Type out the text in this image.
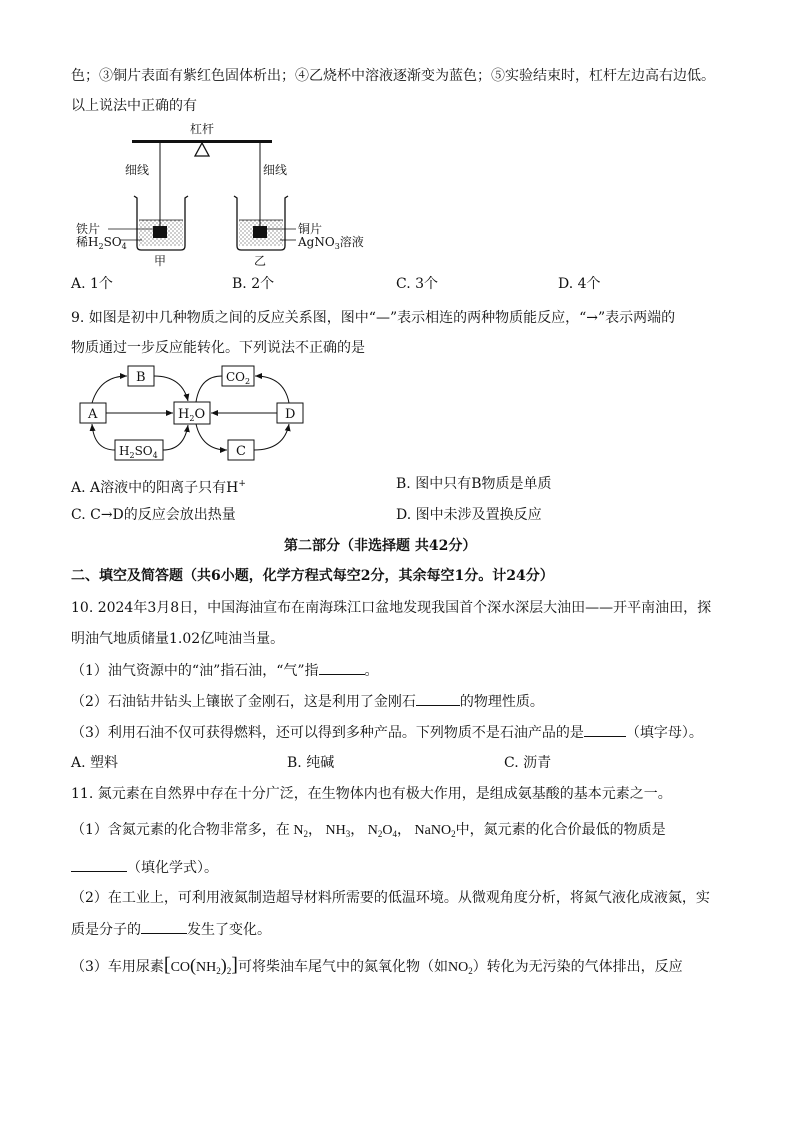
色；③铜片表面有紫红色固体析出；④乙烧杯中溶液逐渐变为蓝色；⑤实验结束时，杠杆左边高右边低。
以上说法中正确的有
杠杆
细线	细线
铁片
稀$H_2SO_4$
甲
铜片
AgNO$_3$溶液
乙
A. 1个	B. 2个	C. 3个	D. 4个
9. 如图是初中几种物质之间的反应关系图，图中“—”表示相连的两种物质能反应，“→”表示两端的
物质通过一步反应能转化。下列说法不正确的是
B	$CO_2$
A	$H_2O$	D
$H_2SO_4$	C
A. A溶液中的阳离子只有H+	B. 图中只有B物质是单质
C. C→D的反应会放出热量	D. 图中未涉及置换反应
第二部分（非选择题 共42分）
二、填空及简答题（共6小题，化学方程式每空2分，其余每空1分。计24分）
10. 2024年3月8日，中国海油宣布在南海珠江口盆地发现我国首个深水深层大油田——开平南油田，探
明油气地质储量1.02亿吨油当量。
（1）油气资源中的“油”指石油，“气”指	。
（2）石油钻井钻头上镶嵌了金刚石，这是利用了金刚石	的物理性质。
（3）利用石油不仅可获得燃料，还可以得到多种产品。下列物质不是石油产品的是	（填字母）。
A. 塑料	B. 纯碱	C. 沥青
11. 氮元素在自然界中存在十分广泛，在生物体内也有极大作用，是组成氨基酸的基本元素之一。
（1）含氮元素的化合物非常多，在 $N_2$， $NH_3$， $N_2O_4$， NaNO$_2$中，氮元素的化合价最低的物质是
（填化学式）。
（2）在工业上，可利用液氮制造超导材料所需要的低温环境。从微观角度分析，将氮气液化成液氮，实
质是分子的	发生了变化。
（3）车用尿素$[CO(NH_2)_2]$可将柴油车尾气中的氮氧化物（如$NO_2$）转化为无污染的气体排出，反应
